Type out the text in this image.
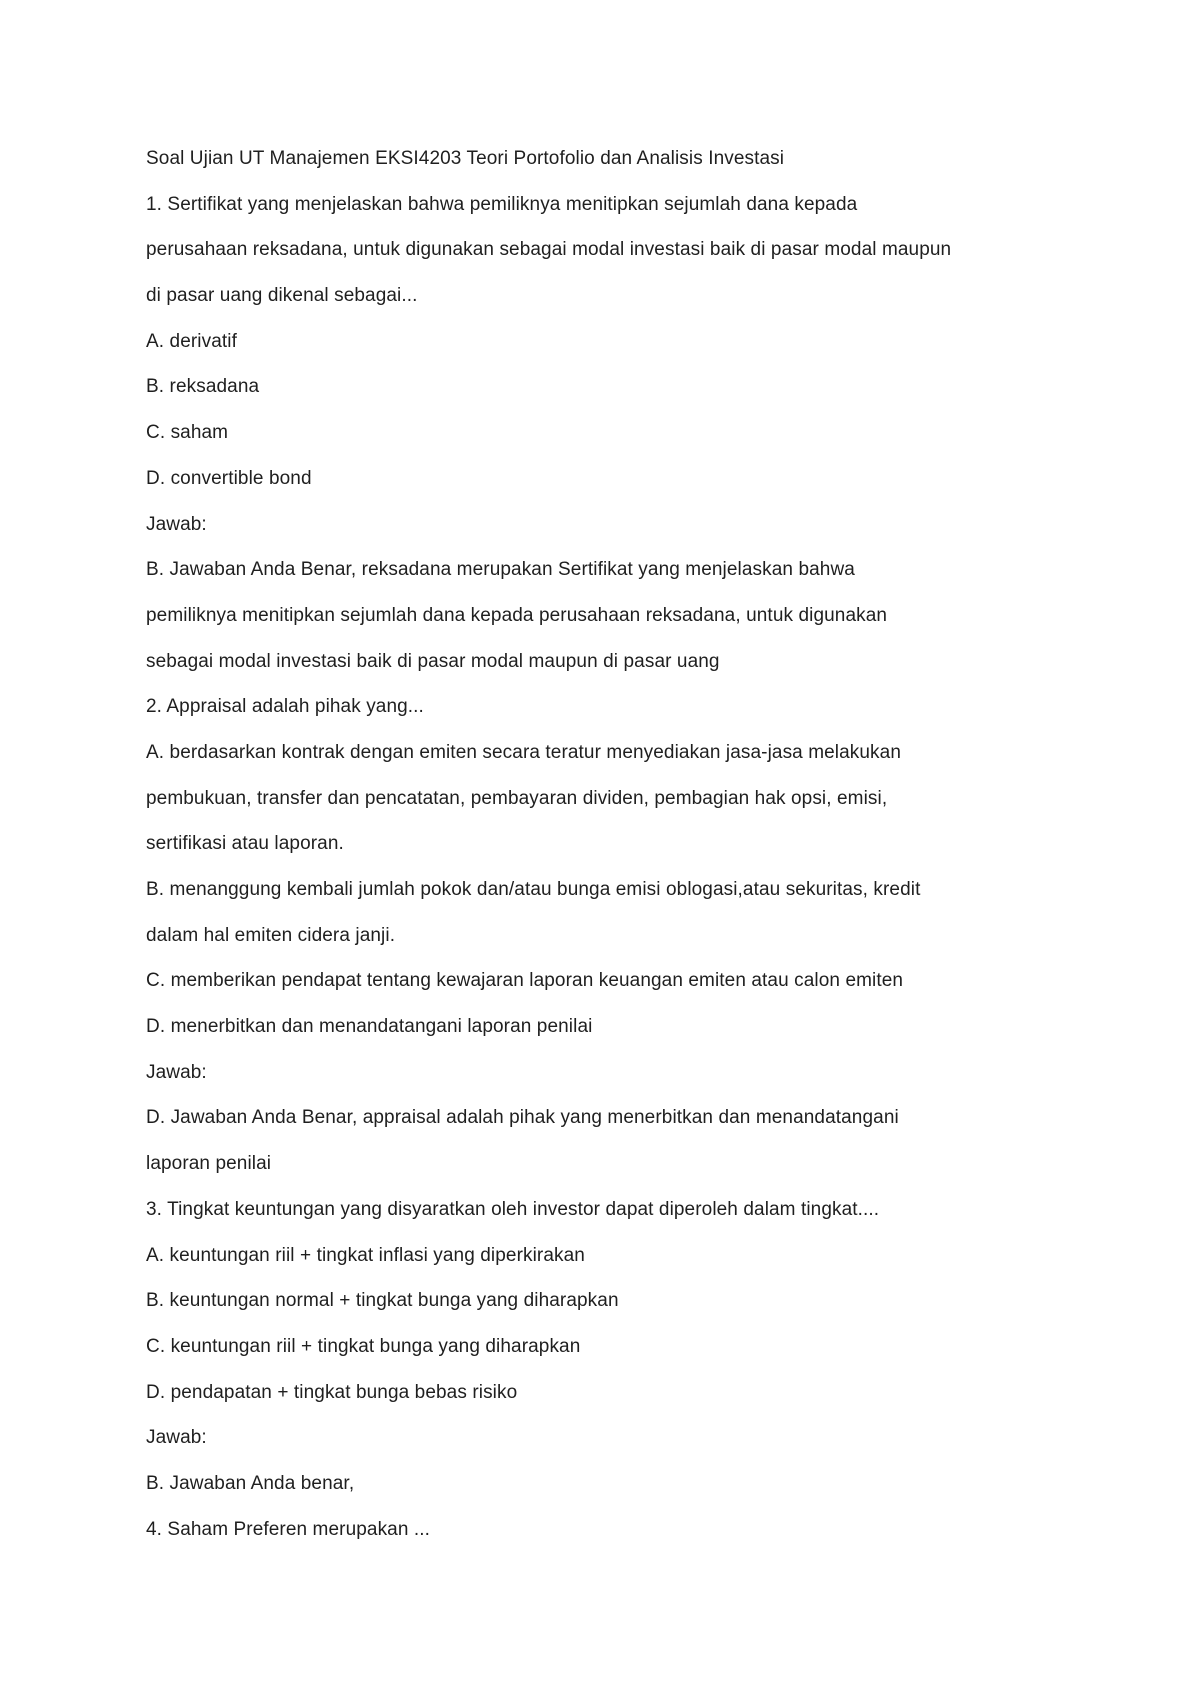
Soal Ujian UT Manajemen EKSI4203 Teori Portofolio dan Analisis Investasi
1. Sertifikat yang menjelaskan bahwa pemiliknya menitipkan sejumlah dana kepada
perusahaan reksadana, untuk digunakan sebagai modal investasi baik di pasar modal maupun
di pasar uang dikenal sebagai...
A. derivatif
B. reksadana
C. saham
D. convertible bond
Jawab:
B. Jawaban Anda Benar, reksadana merupakan Sertifikat yang menjelaskan bahwa
pemiliknya menitipkan sejumlah dana kepada perusahaan reksadana, untuk digunakan
sebagai modal investasi baik di pasar modal maupun di pasar uang
2. Appraisal adalah pihak yang...
A. berdasarkan kontrak dengan emiten secara teratur menyediakan jasa-jasa melakukan
pembukuan, transfer dan pencatatan, pembayaran dividen, pembagian hak opsi, emisi,
sertifikasi atau laporan.
B. menanggung kembali jumlah pokok dan/atau bunga emisi oblogasi,atau sekuritas, kredit
dalam hal emiten cidera janji.
C. memberikan pendapat tentang kewajaran laporan keuangan emiten atau calon emiten
D. menerbitkan dan menandatangani laporan penilai
Jawab:
D. Jawaban Anda Benar, appraisal adalah pihak yang menerbitkan dan menandatangani
laporan penilai
3. Tingkat keuntungan yang disyaratkan oleh investor dapat diperoleh dalam tingkat....
A. keuntungan riil + tingkat inflasi yang diperkirakan
B. keuntungan normal + tingkat bunga yang diharapkan
C. keuntungan riil + tingkat bunga yang diharapkan
D. pendapatan + tingkat bunga bebas risiko
Jawab:
B. Jawaban Anda benar,
4. Saham Preferen merupakan ...
